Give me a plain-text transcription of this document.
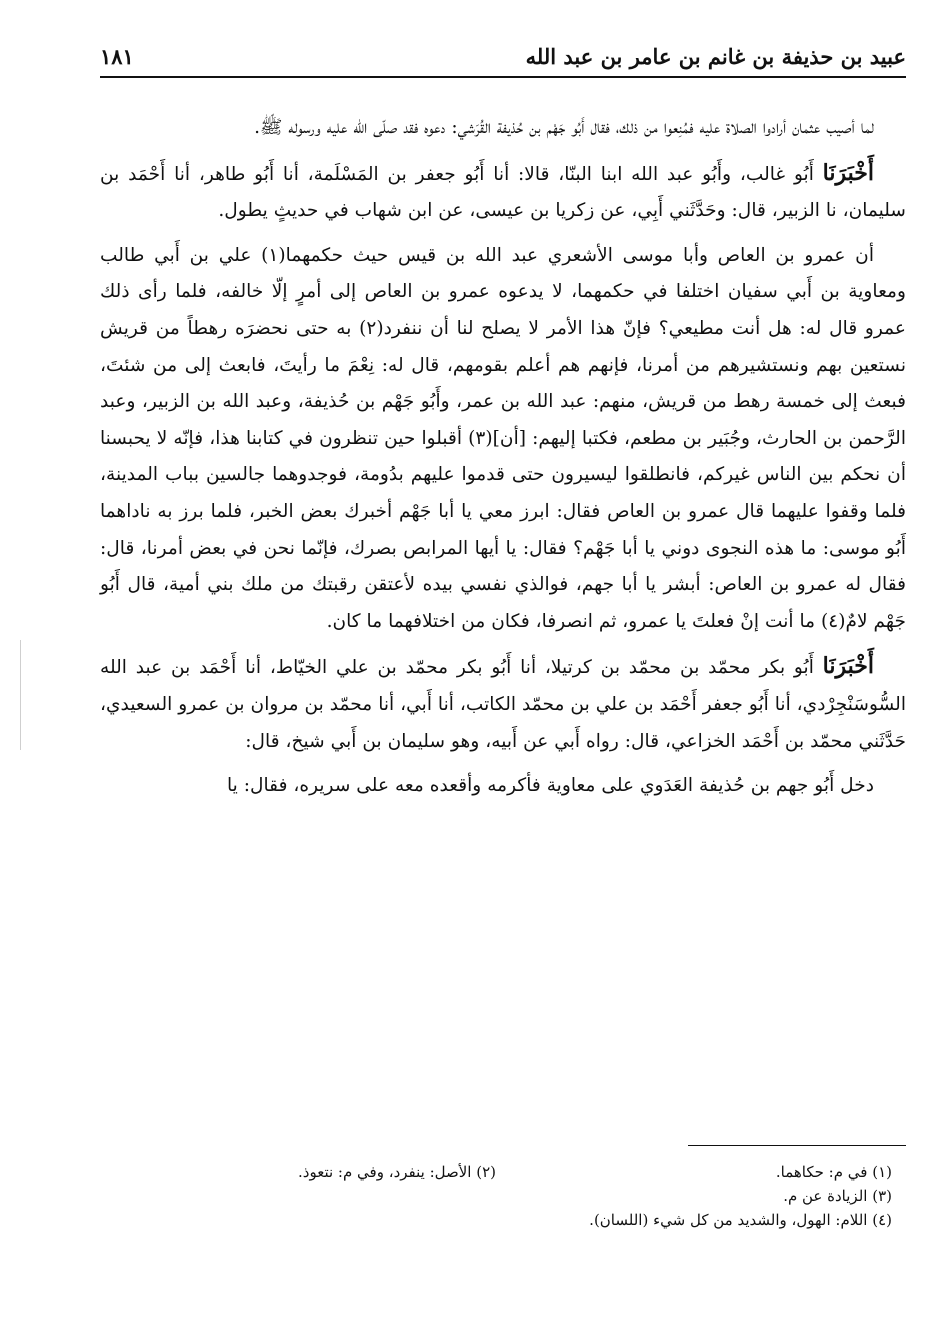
عبيد بن حذيفة بن غانم بن عامر بن عبد الله
١٨١

لما أصيب عثمان أرادوا الصلاة عليه فمُنِعوا من ذلك، فقال أَبُو جَهْم بن حُذيفة القُرَشي: دعوه فقد صلّى الله عليه ورسوله ﷺ.

أَخْبَرَنَا أَبُو غالب، وأَبُو عبد الله ابنا البنّا، قالا: أنا أَبُو جعفر بن المَسْلَمة، أنا أَبُو طاهر، أنا أَحْمَد بن سليمان، نا الزبير، قال: وحَدَّثَني أَبِي، عن زكريا بن عيسى، عن ابن شهاب في حديثٍ يطول.

أن عمرو بن العاص وأبا موسى الأشعري عبد الله بن قيس حيث حكمهما(١) علي بن أَبي طالب ومعاوية بن أَبي سفيان اختلفا في حكمهما، لا يدعوه عمرو بن العاص إلى أمرٍ إلّا خالفه، فلما رأى ذلك عمرو قال له: هل أنت مطيعي؟ فإنّ هذا الأمر لا يصلح لنا أن ننفرد(٢) به حتى نحضرَه رهطاً من قريش نستعين بهم ونستشيرهم من أمرنا، فإنهم هم أعلم بقومهم، قال له: نِعْمَ ما رأيتَ، فابعث إلى من شئتَ، فبعث إلى خمسة رهط من قريش، منهم: عبد الله بن عمر، وأَبُو جَهْم بن حُذيفة، وعبد الله بن الزبير، وعبد الرَّحمن بن الحارث، وجُبَير بن مطعم، فكتبا إليهم: [أن](٣) أقبلوا حين تنظرون في كتابنا هذا، فإنّه لا يحبسنا أن نحكم بين الناس غيركم، فانطلقوا ليسيرون حتى قدموا عليهم بدُومة، فوجدوهما جالسين بباب المدينة، فلما وقفوا عليهما قال عمرو بن العاص فقال: ابرز معي يا أبا جَهْم أخبرك بعض الخبر، فلما برز به ناداهما أَبُو موسى: ما هذه النجوى دوني يا أبا جَهْم؟ فقال: يا أيها المرابص بصرك، فإنّما نحن في بعض أمرنا، قال: فقال له عمرو بن العاص: أبشر يا أبا جهم، فوالذي نفسي بيده لأعتقن رقبتك من ملك بني أمية، قال أَبُو جَهْم لامٌ(٤) ما أنت إنْ فعلتَ يا عمرو، ثم انصرفا، فكان من اختلافهما ما كان.

أَخْبَرَنَا أَبُو بكر محمّد بن محمّد بن كرتيلا، أنا أَبُو بكر محمّد بن علي الخيّاط، أنا أَحْمَد بن عبد الله السُّوسَنْجِرْدي، أنا أَبُو جعفر أَحْمَد بن علي بن محمّد الكاتب، أنا أَبي، أنا محمّد بن مروان بن عمرو السعيدي، حَدَّثَني محمّد بن أَحْمَد الخزاعي، قال: رواه أَبي عن أَبيه، وهو سليمان بن أَبي شيخ، قال:

دخل أَبُو جهم بن حُذيفة العَدَوي على معاوية فأكرمه وأقعده معه على سريره، فقال: يا

(١) في م: حكاهما.
(٢) الأصل: ينفرد، وفي م: نتعوذ.
(٣) الزيادة عن م.
(٤) اللام: الهول، والشديد من كل شيء (اللسان).
